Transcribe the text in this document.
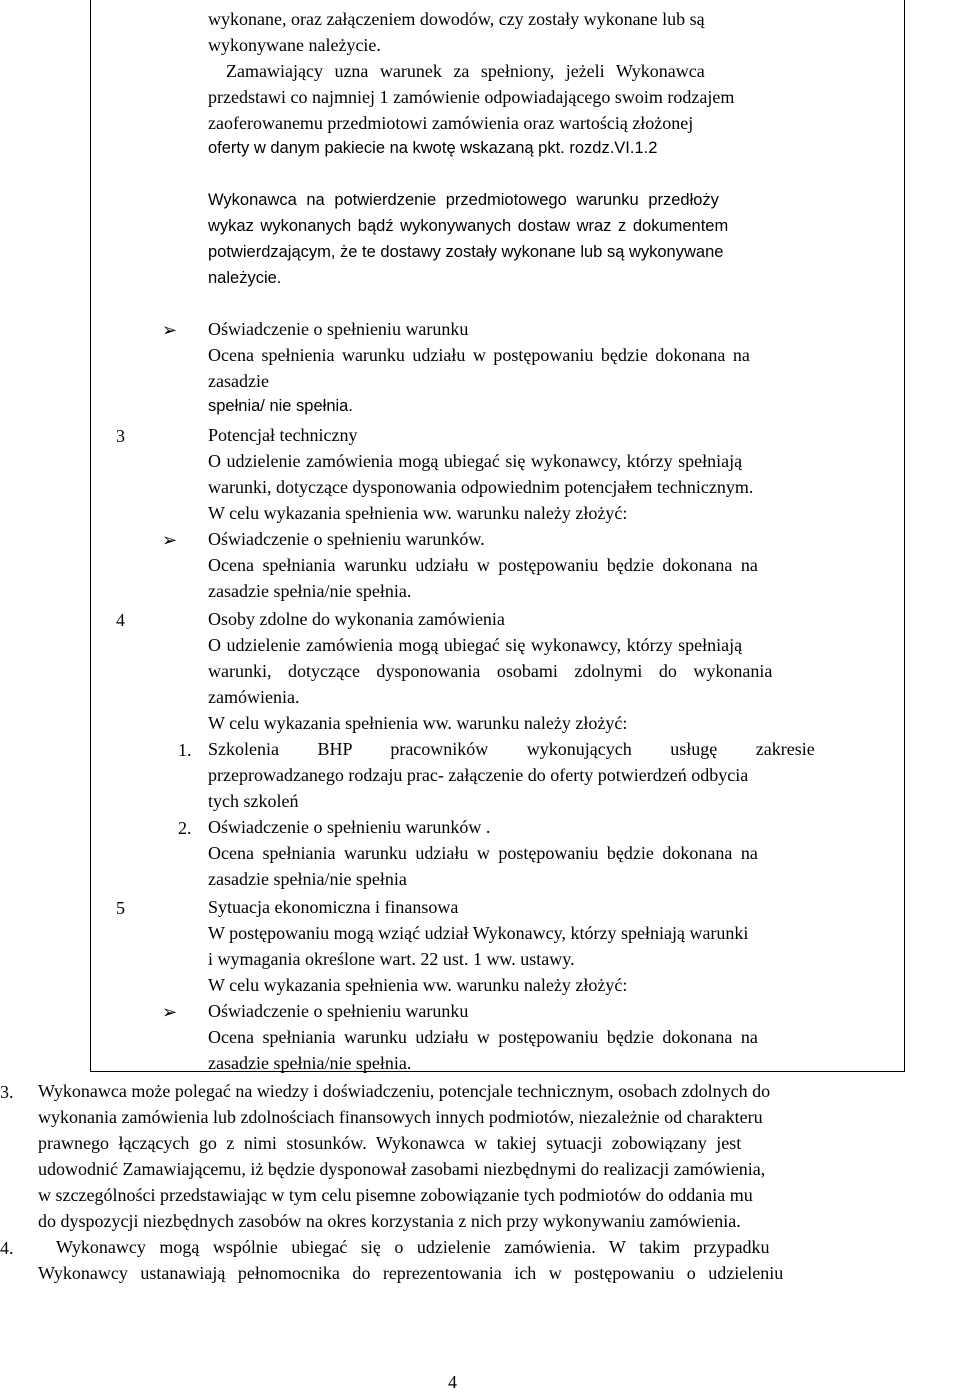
wykonane, oraz załączeniem dowodów, czy zostały wykonane lub są
wykonywane należycie.
Zamawiający uzna warunek za spełniony, jeżeli Wykonawca
przedstawi co najmniej 1 zamówienie odpowiadającego swoim rodzajem
zaoferowanemu przedmiotowi zamówienia oraz wartością złożonej
oferty w danym pakiecie na kwotę wskazaną pkt. rozdz.VI.1.2
Wykonawca na potwierdzenie przedmiotowego warunku przedłoży
wykaz wykonanych bądź wykonywanych dostaw wraz z dokumentem
potwierdzającym, że te dostawy zostały wykonane lub są wykonywane
należycie.
➢ Oświadczenie o spełnieniu warunku
Ocena spełnienia warunku udziału w postępowaniu będzie dokonana na
zasadzie
spełnia/ nie spełnia.
3	Potencjał techniczny
O udzielenie zamówienia mogą ubiegać się wykonawcy, którzy spełniają
warunki, dotyczące dysponowania odpowiednim potencjałem technicznym.
W celu wykazania spełnienia ww. warunku należy złożyć:
➢ Oświadczenie o spełnieniu warunków.
Ocena spełniania warunku udziału w postępowaniu będzie dokonana na
zasadzie spełnia/nie spełnia.
4	Osoby zdolne do wykonania zamówienia
O udzielenie zamówienia mogą ubiegać się wykonawcy, którzy spełniają
warunki, dotyczące dysponowania osobami zdolnymi do wykonania
zamówienia.
W celu wykazania spełnienia ww. warunku należy złożyć:
1. Szkolenia BHP pracowników wykonujących usługę zakresie
przeprowadzanego rodzaju prac- załączenie do oferty potwierdzeń odbycia
tych szkoleń
2. Oświadczenie o spełnieniu warunków .
Ocena spełniania warunku udziału w postępowaniu będzie dokonana na
zasadzie spełnia/nie spełnia
5	Sytuacja ekonomiczna i finansowa
W postępowaniu mogą wziąć udział Wykonawcy, którzy spełniają warunki
i wymagania określone wart. 22 ust. 1 ww. ustawy.
W celu wykazania spełnienia ww. warunku należy złożyć:
➢ Oświadczenie o spełnieniu warunku
Ocena spełniania warunku udziału w postępowaniu będzie dokonana na
zasadzie spełnia/nie spełnia.
3. Wykonawca może polegać na wiedzy i doświadczeniu, potencjale technicznym, osobach zdolnych do
wykonania zamówienia lub zdolnościach finansowych innych podmiotów, niezależnie od charakteru
prawnego łączących go z nimi stosunków. Wykonawca w takiej sytuacji zobowiązany jest
udowodnić Zamawiającemu, iż będzie dysponował zasobami niezbędnymi do realizacji zamówienia,
w szczególności przedstawiając w tym celu pisemne zobowiązanie tych podmiotów do oddania mu
do dyspozycji niezbędnych zasobów na okres korzystania z nich przy wykonywaniu zamówienia.
4. Wykonawcy mogą wspólnie ubiegać się o udzielenie zamówienia. W takim przypadku
Wykonawcy ustanawiają pełnomocnika do reprezentowania ich w postępowaniu o udzieleniu
4
